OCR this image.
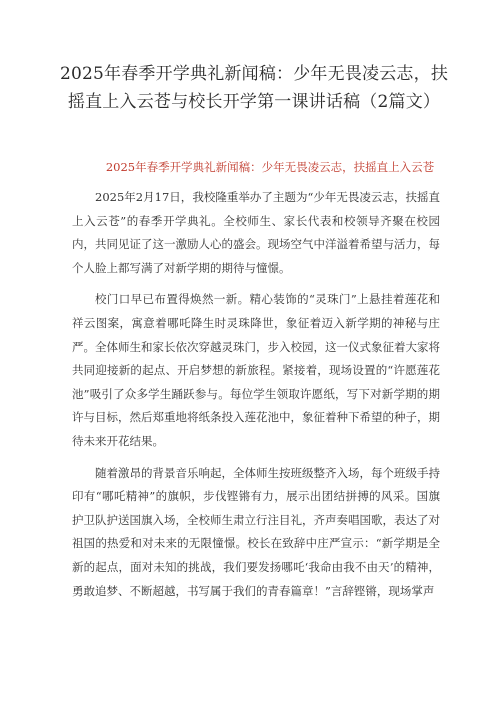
2025年春季开学典礼新闻稿：少年无畏凌云志，扶摇直上入云苍与校长开学第一课讲话稿（2篇文）
2025年春季开学典礼新闻稿：少年无畏凌云志，扶摇直上入云苍

2025年2月17日，我校隆重举办了主题为“少年无畏凌云志，扶摇直上入云苍”的春季开学典礼。全校师生、家长代表和校领导齐聚在校园内，共同见证了这一激励人心的盛会。现场空气中洋溢着希望与活力，每个人脸上都写满了对新学期的期待与憧憬。

校门口早已布置得焕然一新。精心装饰的“灵珠门”上悬挂着莲花和祥云图案，寓意着哪吒降生时灵珠降世，象征着迈入新学期的神秘与庄严。全体师生和家长依次穿越灵珠门，步入校园，这一仪式象征着大家将共同迎接新的起点、开启梦想的新旅程。紧接着，现场设置的“许愿莲花池”吸引了众多学生踊跃参与。每位学生领取许愿纸，写下对新学期的期许与目标，然后郑重地将纸条投入莲花池中，象征着种下希望的种子，期待未来开花结果。

随着激昂的背景音乐响起，全体师生按班级整齐入场，每个班级手持印有“哪吒精神”的旗帜，步伐铿锵有力，展示出团结拼搏的风采。国旗护卫队护送国旗入场，全校师生肃立行注目礼，齐声奏唱国歌，表达了对祖国的热爱和对未来的无限憧憬。校长在致辞中庄严宣示：“新学期是全新的起点，面对未知的挑战，我们要发扬哪吒‘我命由我不由天’的精神，勇敢追梦、不断超越，书写属于我们的青春篇章！”言辞铿锵，现场掌声
